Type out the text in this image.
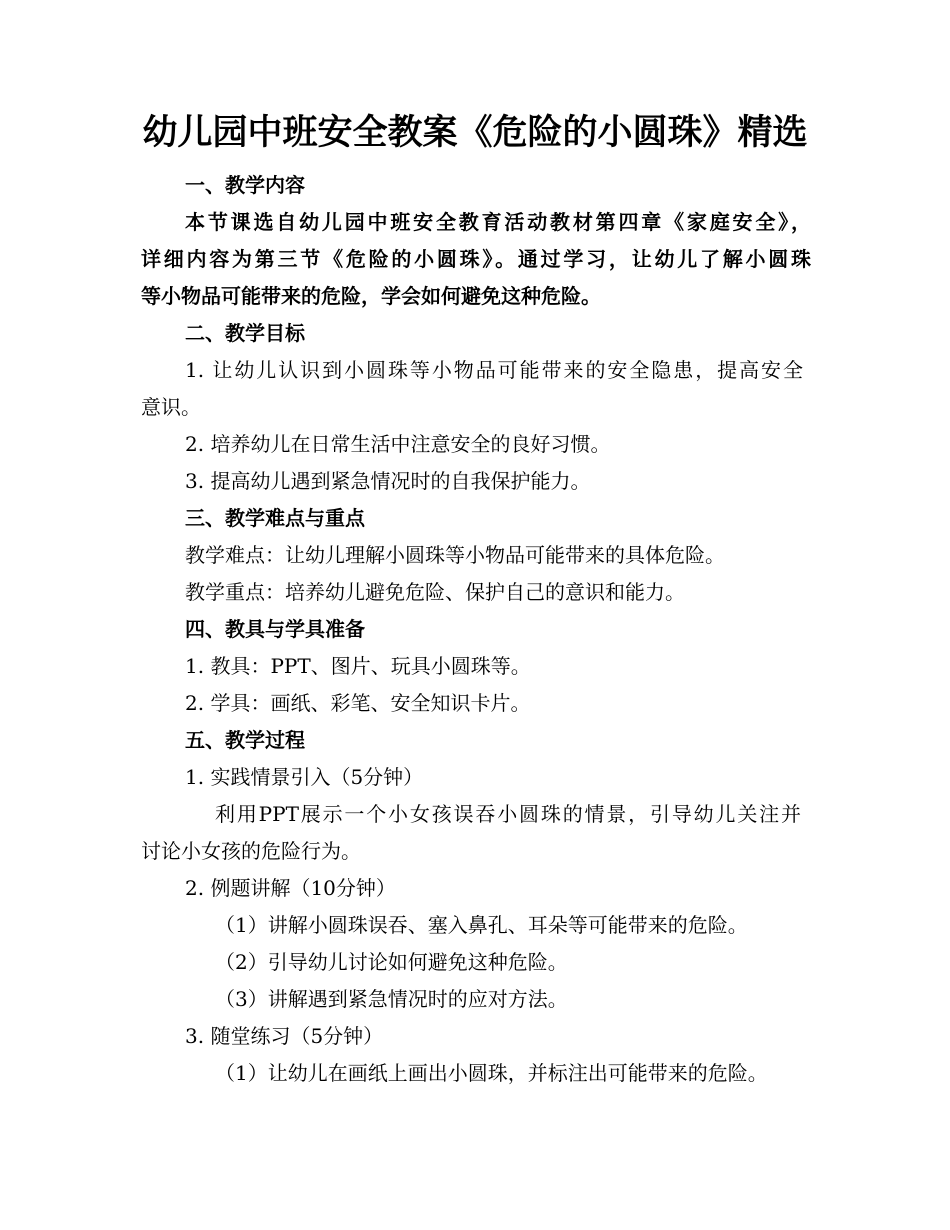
幼儿园中班安全教案《危险的小圆珠》精选
一、教学内容
本节课选自幼儿园中班安全教育活动教材第四章《家庭安全》，
详细内容为第三节《危险的小圆珠》。通过学习，让幼儿了解小圆珠
等小物品可能带来的危险，学会如何避免这种危险。
二、教学目标
1. 让幼儿认识到小圆珠等小物品可能带来的安全隐患，提高安全
意识。
2. 培养幼儿在日常生活中注意安全的良好习惯。
3. 提高幼儿遇到紧急情况时的自我保护能力。
三、教学难点与重点
教学难点：让幼儿理解小圆珠等小物品可能带来的具体危险。
教学重点：培养幼儿避免危险、保护自己的意识和能力。
四、教具与学具准备
1. 教具：PPT、图片、玩具小圆珠等。
2. 学具：画纸、彩笔、安全知识卡片。
五、教学过程
1. 实践情景引入（5分钟）
利用PPT展示一个小女孩误吞小圆珠的情景，引导幼儿关注并
讨论小女孩的危险行为。
2. 例题讲解（10分钟）
（1）讲解小圆珠误吞、塞入鼻孔、耳朵等可能带来的危险。
（2）引导幼儿讨论如何避免这种危险。
（3）讲解遇到紧急情况时的应对方法。
3. 随堂练习（5分钟）
（1）让幼儿在画纸上画出小圆珠，并标注出可能带来的危险。
